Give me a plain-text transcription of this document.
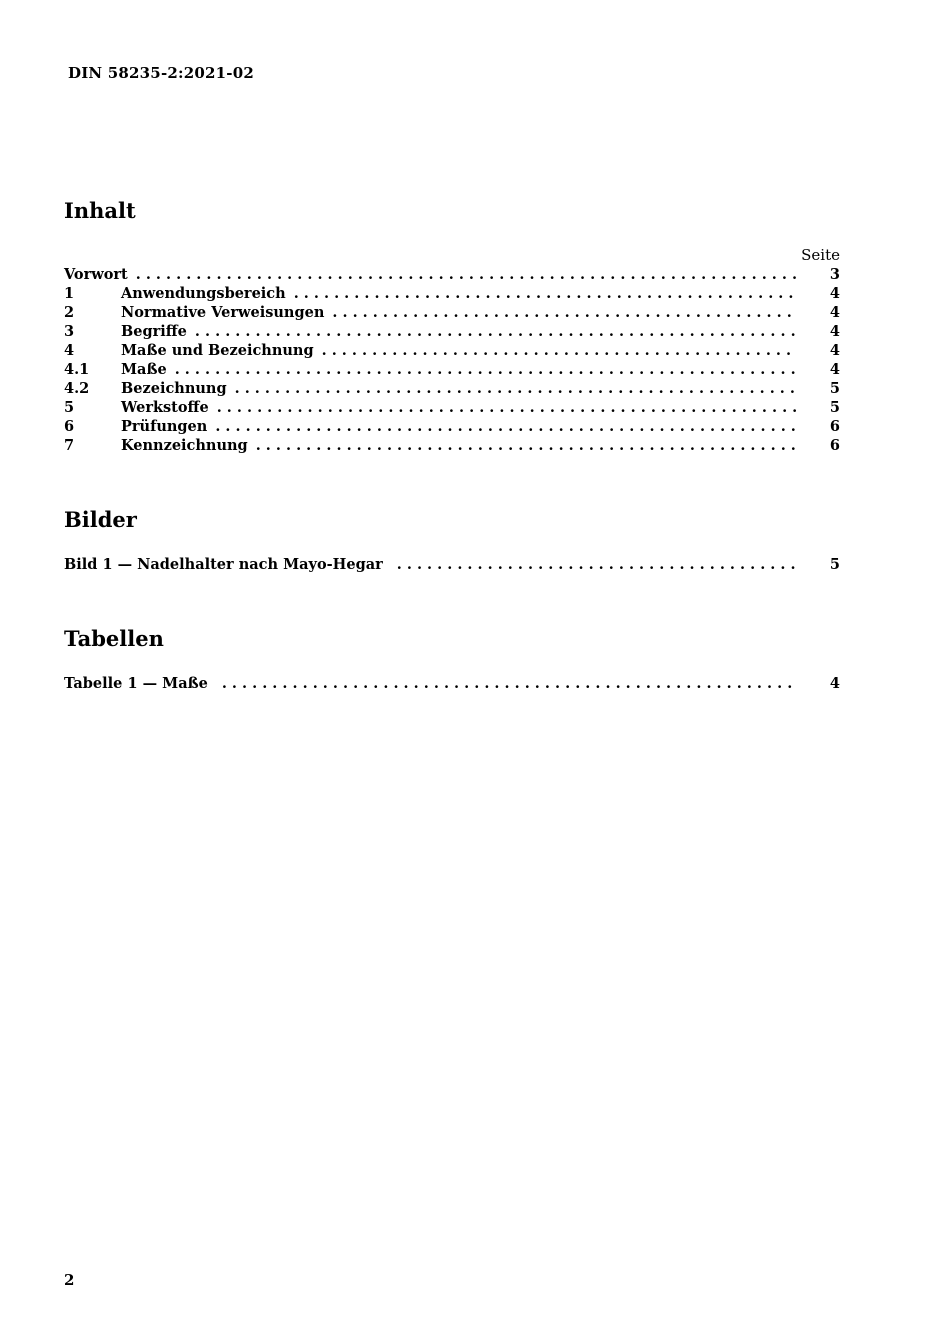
DIN 58235-2:2021-02
Inhalt
Seite
Vorwort . . .	3
1	Anwendungsbereich . . .	4
2	Normative Verweisungen . . .	4
3	Begriffe . . .	4
4	Maße und Bezeichnung . . .	4
4.1	Maße . . .	4
4.2	Bezeichnung . . .	5
5	Werkstoffe . . .	5
6	Prüfungen . . .	6
7	Kennzeichnung . . .	6
Bilder
Bild 1 — Nadelhalter nach Mayo-Hegar . . .	5
Tabellen
Tabelle 1 — Maße . . .	4
2
